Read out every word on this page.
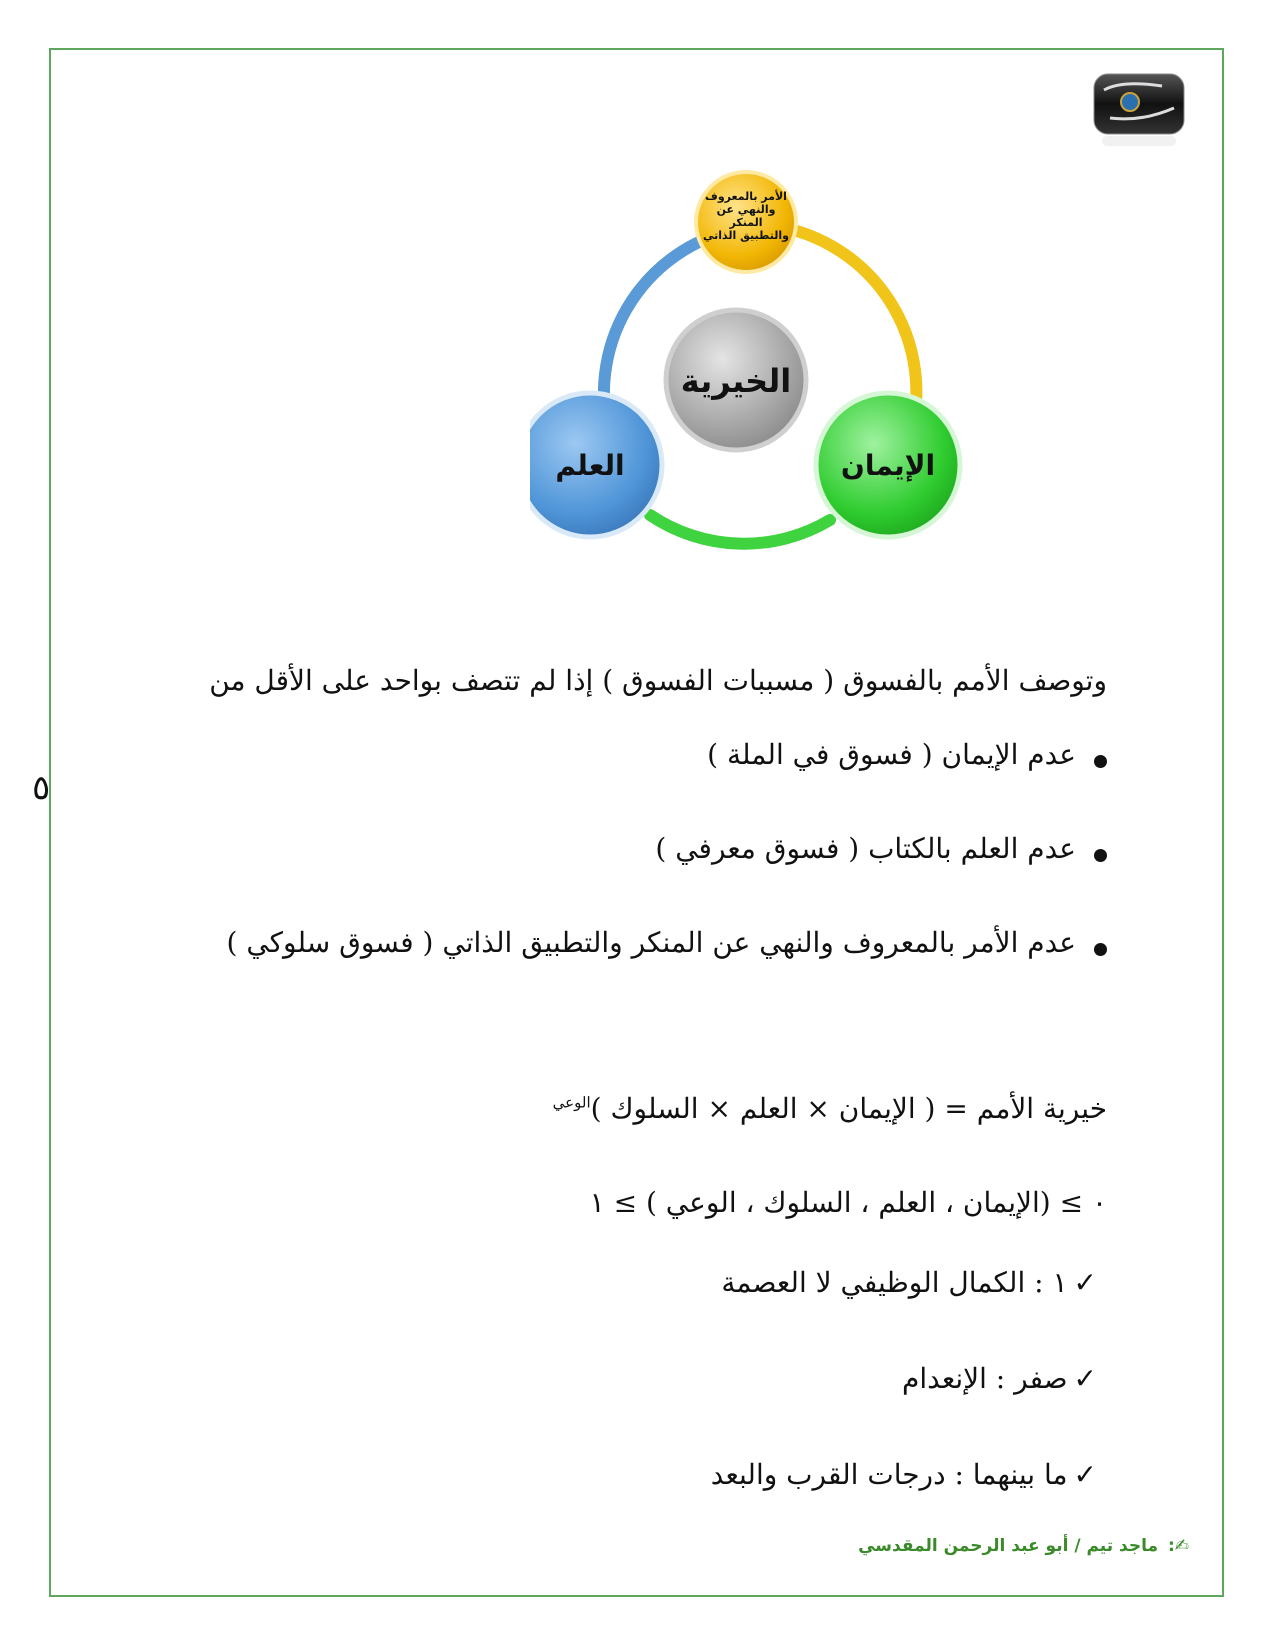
الخيرية
الأمر بالمعروف
والنهي عن
المنكر
والتطبيق الذاتي
العلم	الإيمان
٥
وتوصف الأمم بالفسوق ( مسببات الفسوق ) إذا لم تتصف بواحد على الأقل من
عدم الإيمان ( فسوق في الملة )
عدم العلم بالكتاب ( فسوق معرفي )
عدم الأمر بالمعروف والنهي عن المنكر والتطبيق الذاتي ( فسوق سلوكي )
خيرية الأمم = ( الإيمان × العلم × السلوك )$^{الوعي}$
٠ ≥ (الإيمان ، العلم ، السلوك ، الوعي ) ≥ ١
✓١ : الكمال الوظيفي لا العصمة
✓صفر : الإنعدام
✓ما بينهما : درجات القرب والبعد
✍: ماجد تيم / أبو عبد الرحمن المقدسي
